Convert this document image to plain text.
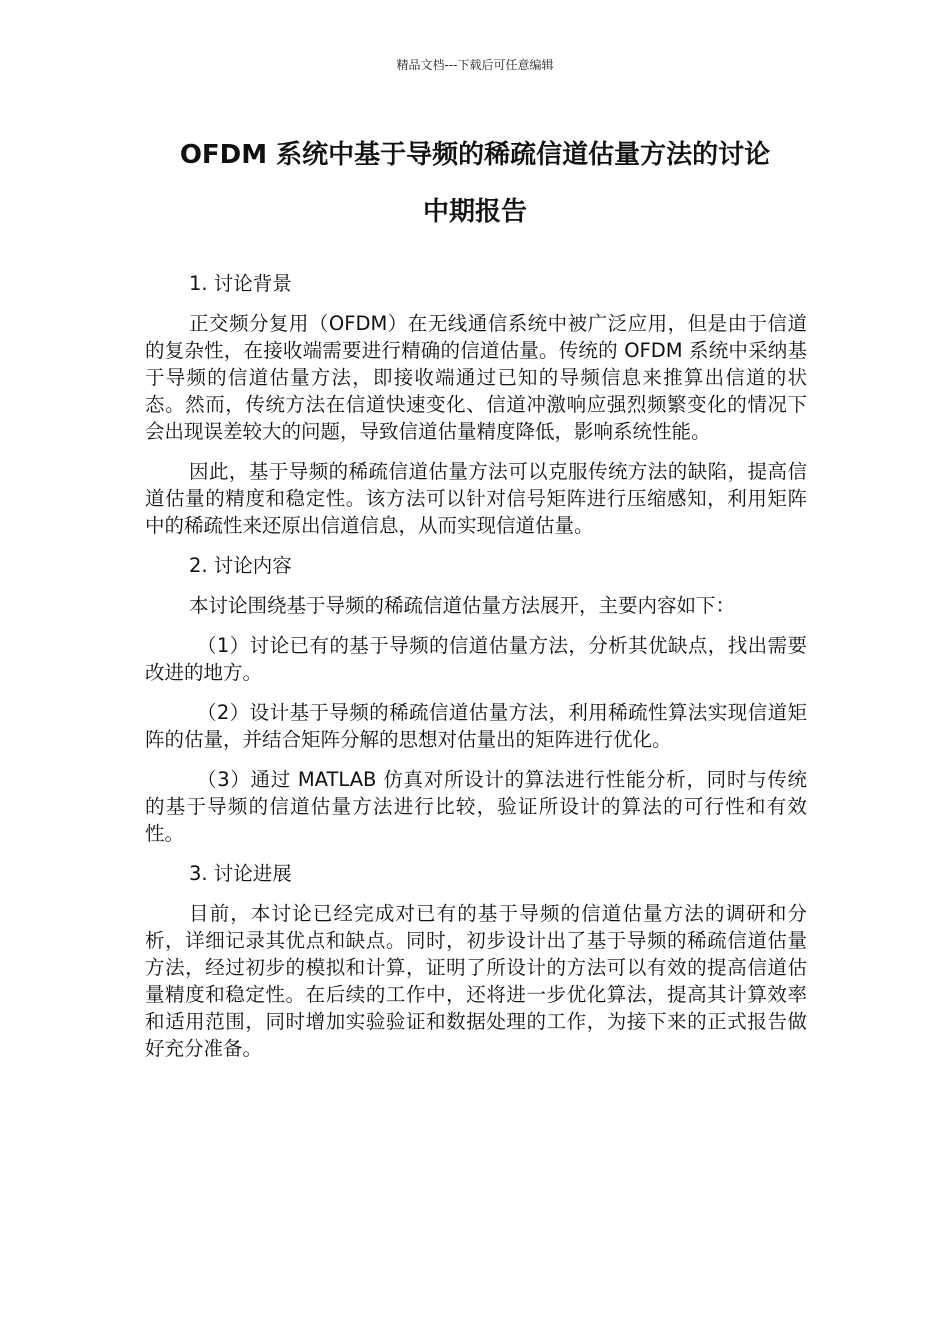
精品文档---下载后可任意编辑
OFDM 系统中基于导频的稀疏信道估量方法的讨论
中期报告
1. 讨论背景
正交频分复用（OFDM）在无线通信系统中被广泛应用，但是由于信道的复杂性，在接收端需要进行精确的信道估量。传统的 OFDM 系统中采纳基于导频的信道估量方法，即接收端通过已知的导频信息来推算出信道的状态。然而，传统方法在信道快速变化、信道冲激响应强烈频繁变化的情况下会出现误差较大的问题，导致信道估量精度降低，影响系统性能。
因此，基于导频的稀疏信道估量方法可以克服传统方法的缺陷，提高信道估量的精度和稳定性。该方法可以针对信号矩阵进行压缩感知，利用矩阵中的稀疏性来还原出信道信息，从而实现信道估量。
2. 讨论内容
本讨论围绕基于导频的稀疏信道估量方法展开，主要内容如下：
（1）讨论已有的基于导频的信道估量方法，分析其优缺点，找出需要改进的地方。
（2）设计基于导频的稀疏信道估量方法，利用稀疏性算法实现信道矩阵的估量，并结合矩阵分解的思想对估量出的矩阵进行优化。
（3）通过 MATLAB 仿真对所设计的算法进行性能分析，同时与传统的基于导频的信道估量方法进行比较，验证所设计的算法的可行性和有效性。
3. 讨论进展
目前，本讨论已经完成对已有的基于导频的信道估量方法的调研和分析，详细记录其优点和缺点。同时，初步设计出了基于导频的稀疏信道估量方法，经过初步的模拟和计算，证明了所设计的方法可以有效的提高信道估量精度和稳定性。在后续的工作中，还将进一步优化算法，提高其计算效率和适用范围，同时增加实验验证和数据处理的工作，为接下来的正式报告做好充分准备。
